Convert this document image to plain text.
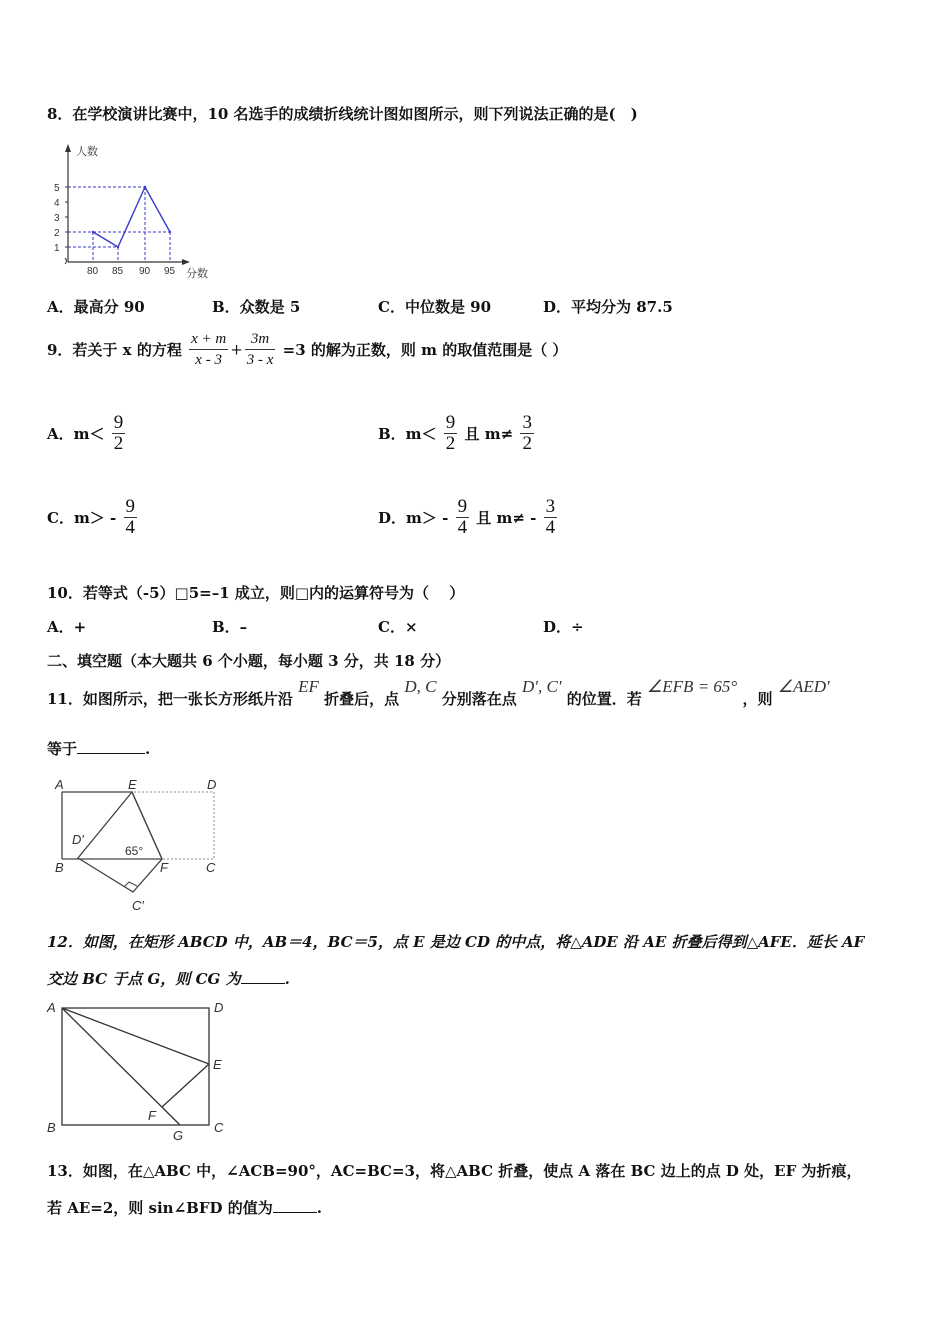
8．在学校演讲比赛中，10 名选手的成绩折线统计图如图所示，则下列说法正确的是(　)
1
2
3
4
5
80 85 90 95
人数
分数
A．最高分 90	B．众数是 5	C．中位数是 90	D．平均分为 87.5
9．若关于 x 的方程 $\frac{x + m}{x - 3} + \frac{3m}{3 - x} =3$ 的解为正数，则 m 的取值范围是（ ）
A．$m< \frac{9}{2}$	B．$m< \frac{9}{2}$ 且 $m\ne \frac{3}{2}$
C．$m> - \frac{9}{4}$	D．$m> - \frac{9}{4}$ 且 $m\ne - \frac{3}{4}$
10．若等式（-5）□5=–1 成立，则□内的运算符号为（　 ）
A．+	B．–	C．×	D．÷
二、填空题（本大题共 6 个小题，每小题 3 分，共 18 分）
11．如图所示，把一张长方形纸片沿 EF 折叠后，点 D, C 分别落在点 D′, C′ 的位置．若 ∠EFB = 65° ，则 ∠AED′
等于	.
A	E	D
D′
B	F	C
C′
65°
12．如图，在矩形 ABCD 中，AB＝4，BC＝5，点 E 是边 CD 的中点，将△ADE 沿 AE 折叠后得到△AFE．延长 AF
交边 BC 于点 G，则 CG 为	.
A	D
E
B
F
G
C
13．如图，在△ABC 中，∠ACB=90°，AC=BC=3，将△ABC 折叠，使点 A 落在 BC 边上的点 D 处，EF 为折痕，
若 AE=2，则 sin∠BFD 的值为	.
